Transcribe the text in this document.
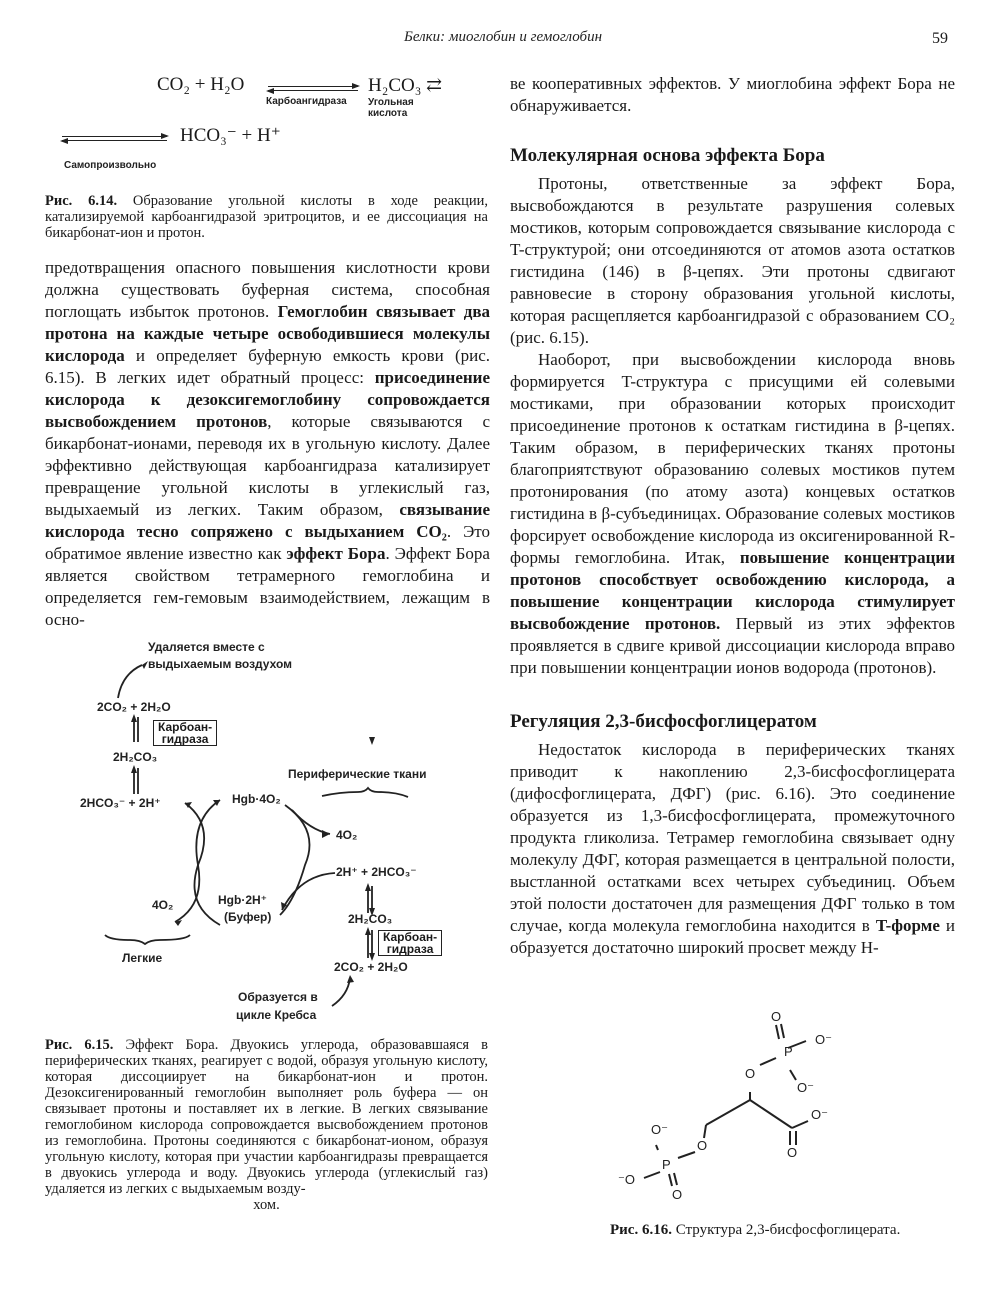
Белки: миоглобин и гемоглобин	59
CO₂ + H₂O
Карбоангидраза
H₂CO₃ ⇄
Угольная
кислота
HCO₃⁻ + H⁺
Самопроизвольно
Рис. 6.14. Образование угольной кислоты в ходе реакции, катализируемой карбоангидразой эритроцитов, и ее диссоциация на бикарбонат-ион и протон.

предотвращения опасного повышения кислотности крови должна существовать буферная система, способная поглощать избыток протонов. Гемоглобин связывает два протона на каждые четыре освободившиеся молекулы кислорода и определяет буферную емкость крови (рис. 6.15). В легких идет обратный процесс: присоединение кислорода к дезоксигемоглобину сопровождается высвобождением протонов, которые связываются с бикарбонат-ионами, переводя их в угольную кислоту. Далее эффективно действующая карбоангидраза катализирует превращение угольной кислоты в углекислый газ, выдыхаемый из легких. Таким образом, связывание кислорода тесно сопряжено с выдыханием CO₂. Это обратимое явление известно как эффект Бора. Эффект Бора является свойством тетрамерного гемоглобина и определяется гем-гемовым взаимодействием, лежащим в осно-

Удаляется вместе с
выдыхаемым воздухом
2CO₂ + 2H₂O
Карбоан-
гидраза
2H₂CO₃
2HCO₃⁻ + 2H⁺	Hgb·4O₂
Периферические ткани
4O₂
2H⁺ + 2HCO₃⁻
4O₂	Hgb·2H⁺
(Буфер)	2H₂CO₃
Карбоан-
гидраза
2CO₂ + 2H₂O
Легкие
Образуется в
цикле Кребса
Рис. 6.15. Эффект Бора. Двуокись углерода, образовавшаяся в периферических тканях, реагирует с водой, образуя угольную кислоту, которая диссоциирует на бикарбонат-ион и протон. Дезоксигенированный гемоглобин выполняет роль буфера — он связывает протоны и поставляет их в легкие. В легких связывание гемоглобином кислорода сопровождается высвобождением протонов из гемоглобина. Протоны соединяются с бикарбонат-ионом, образуя угольную кислоту, которая при участии карбоангидразы превращается в двуокись углерода и воду. Двуокись углерода (углекислый газ) удаляется из легких с выдыхаемым возду-
хом.

ве кооперативных эффектов. У миоглобина эффект Бора не обнаруживается.

Молекулярная основа эффекта Бора

Протоны, ответственные за эффект Бора, высвобождаются в результате разрушения солевых мостиков, которым сопровождается связывание кислорода с T-структурой; они отсоединяются от атомов азота остатков гистидина (146) в β-цепях. Эти протоны сдвигают равновесие в сторону образования угольной кислоты, которая расщепляется карбоангидразой с образованием CO₂ (рис. 6.15).

Наоборот, при высвобождении кислорода вновь формируется T-структура с присущими ей солевыми мостиками, при образовании которых происходит присоединение протонов к остаткам гистидина в β-цепях. Таким образом, в периферических тканях протоны благоприятствуют образованию солевых мостиков путем протонирования (по атому азота) концевых остатков гистидина в β-субъединицах. Образование солевых мостиков форсирует освобождение кислорода из оксигенированной R-формы гемоглобина. Итак, повышение концентрации протонов способствует освобождению кислорода, а повышение концентрации кислорода стимулирует высвобождение протонов. Первый из этих эффектов проявляется в сдвиге кривой диссоциации кислорода вправо при повышении концентрации ионов водорода (протонов).

Регуляция 2,3-бисфосфоглицератом

Недостаток кислорода в периферических тканях приводит к накоплению 2,3-бисфосфоглицерата (дифосфоглицерата, ДФГ) (рис. 6.16). Это соединение образуется из 1,3-бисфосфоглицерата, промежуточного продукта гликолиза. Тетрамер гемоглобина связывает одну молекулу ДФГ, которая размещается в центральной полости, выстланной остатками всех четырех субъединиц. Объем этой полости достаточен для размещения ДФГ только в том случае, когда молекула гемоглобина находится в T-форме и образуется достаточно широкий просвет между H-

O
P
O⁻
O
O⁻
O⁻
O
O⁻
O
P
⁻O
O
Рис. 6.16. Структура 2,3-бисфосфоглицерата.
